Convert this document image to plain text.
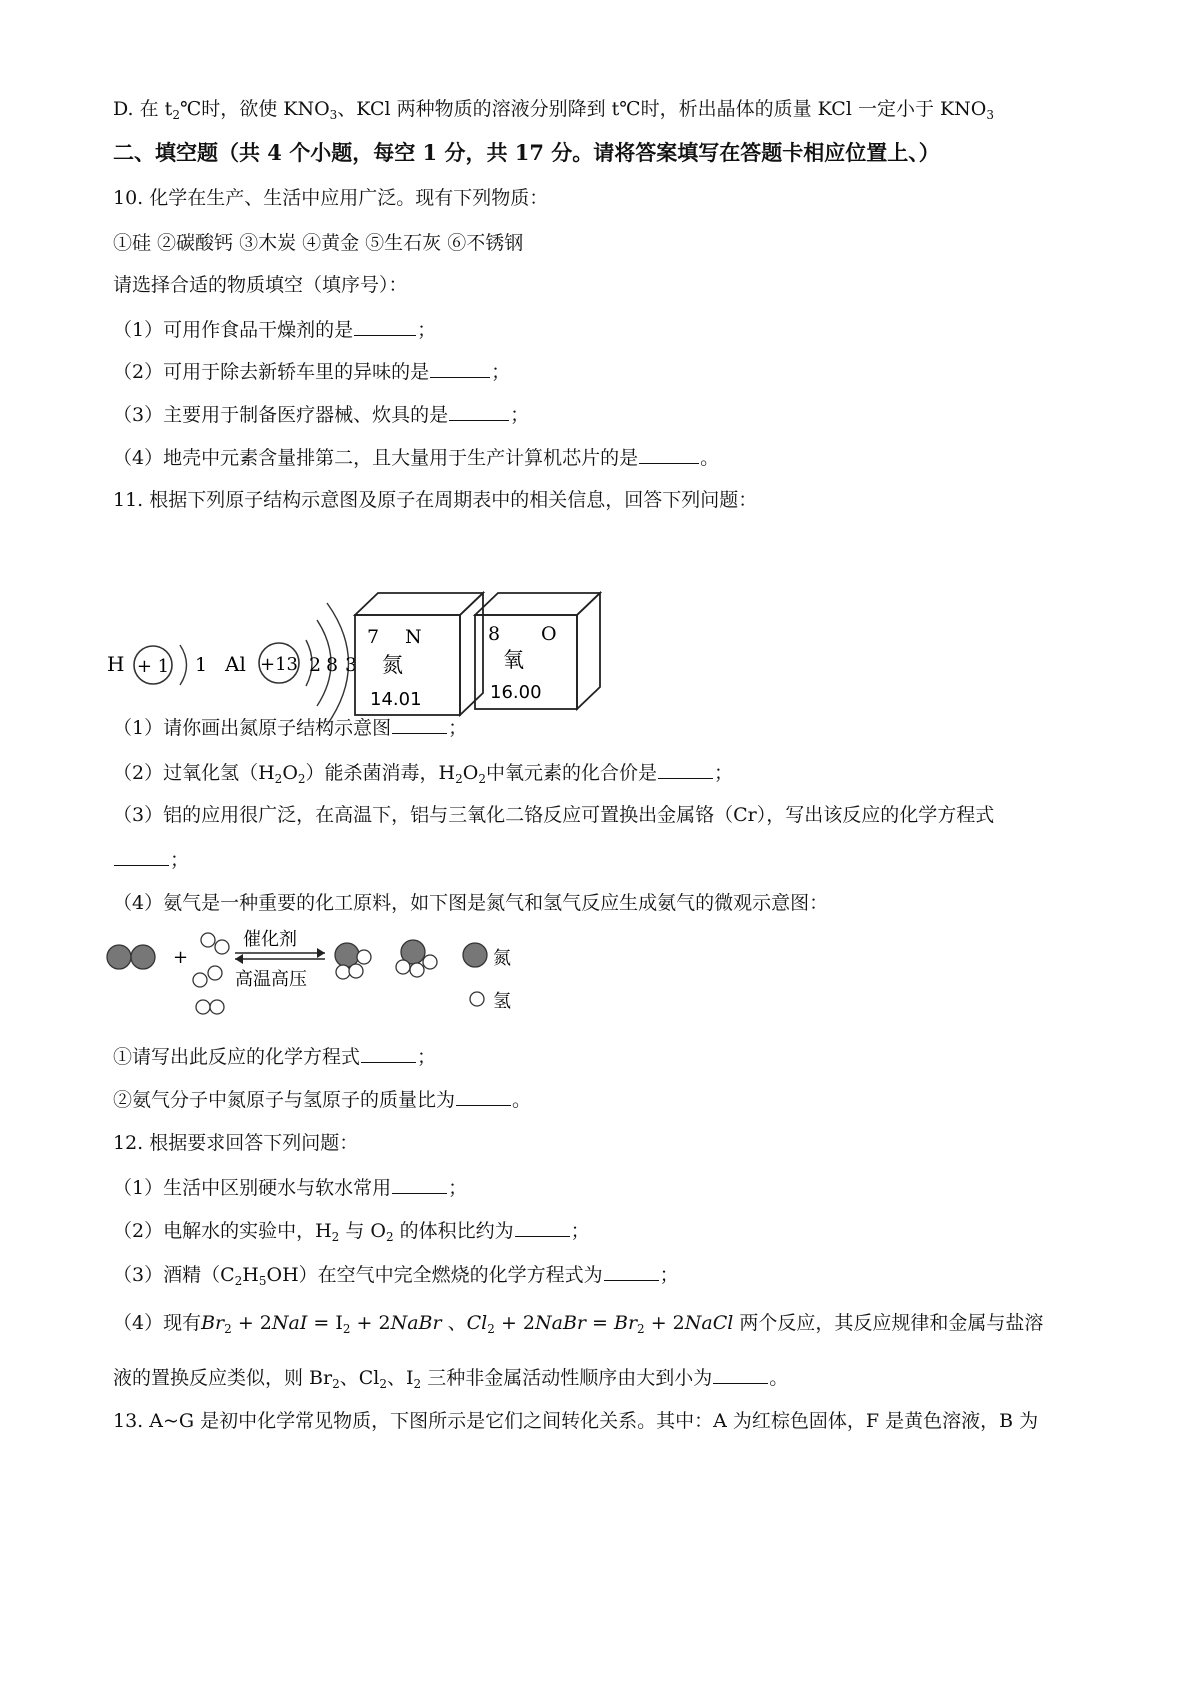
D. 在 $t_2℃$时，欲使 $KNO_3$、KCl 两种物质的溶液分别降到 t℃时，析出晶体的质量 KCl 一定小于 $KNO_3$
二、填空题（共 4 个小题，每空 1 分，共 17 分。请将答案填写在答题卡相应位置上、）
10. 化学在生产、生活中应用广泛。现有下列物质：
①硅 ②碳酸钙 ③木炭 ④黄金 ⑤生石灰 ⑥不锈钢
请选择合适的物质填空（填序号）：
（1）可用作食品干燥剂的是	；
（2）可用于除去新轿车里的异味的是	；
（3）主要用于制备医疗器械、炊具的是	；
（4）地壳中元素含量排第二，且大量用于生产计算机芯片的是	。
11. 根据下列原子结构示意图及原子在周期表中的相关信息，回答下列问题：
H + 1 1 Al +13 2 8 3
7 N
氮
14.01
8 O
氧
16.00
（1）请你画出氮原子结构示意图	；
（2）过氧化氢$(H_2O_2)$能杀菌消毒，$H_2O_2$中氧元素的化合价是	；
（3）铝的应用很广泛，在高温下，铝与三氧化二铬反应可置换出金属铬（Cr），写出该反应的化学方程式
；
（4）氨气是一种重要的化工原料，如下图是氮气和氢气反应生成氨气的微观示意图：
+
催化剂
高温高压
氮
氢
①请写出此反应的化学方程式	；
②氨气分子中氮原子与氢原子的质量比为	。
12. 根据要求回答下列问题：
（1）生活中区别硬水与软水常用	；
（2）电解水的实验中，$H_2$ 与 $O_2$ 的体积比约为	；
（3）酒精$(C_2H_5OH)$在空气中完全燃烧的化学方程式为	；
（4）现有$Br_2 + 2NaI = I_2$ + 2NaBr 、$Cl_2$ + 2NaBr = $Br_2$ + 2NaCl 两个反应，其反应规律和金属与盐溶
液的置换反应类似，则 $Br_2$、$Cl_2$、$I_2$ 三种非金属活动性顺序由大到小为	。
13. A~G 是初中化学常见物质，下图所示是它们之间转化关系。其中：A 为红棕色固体，F 是黄色溶液，B 为
